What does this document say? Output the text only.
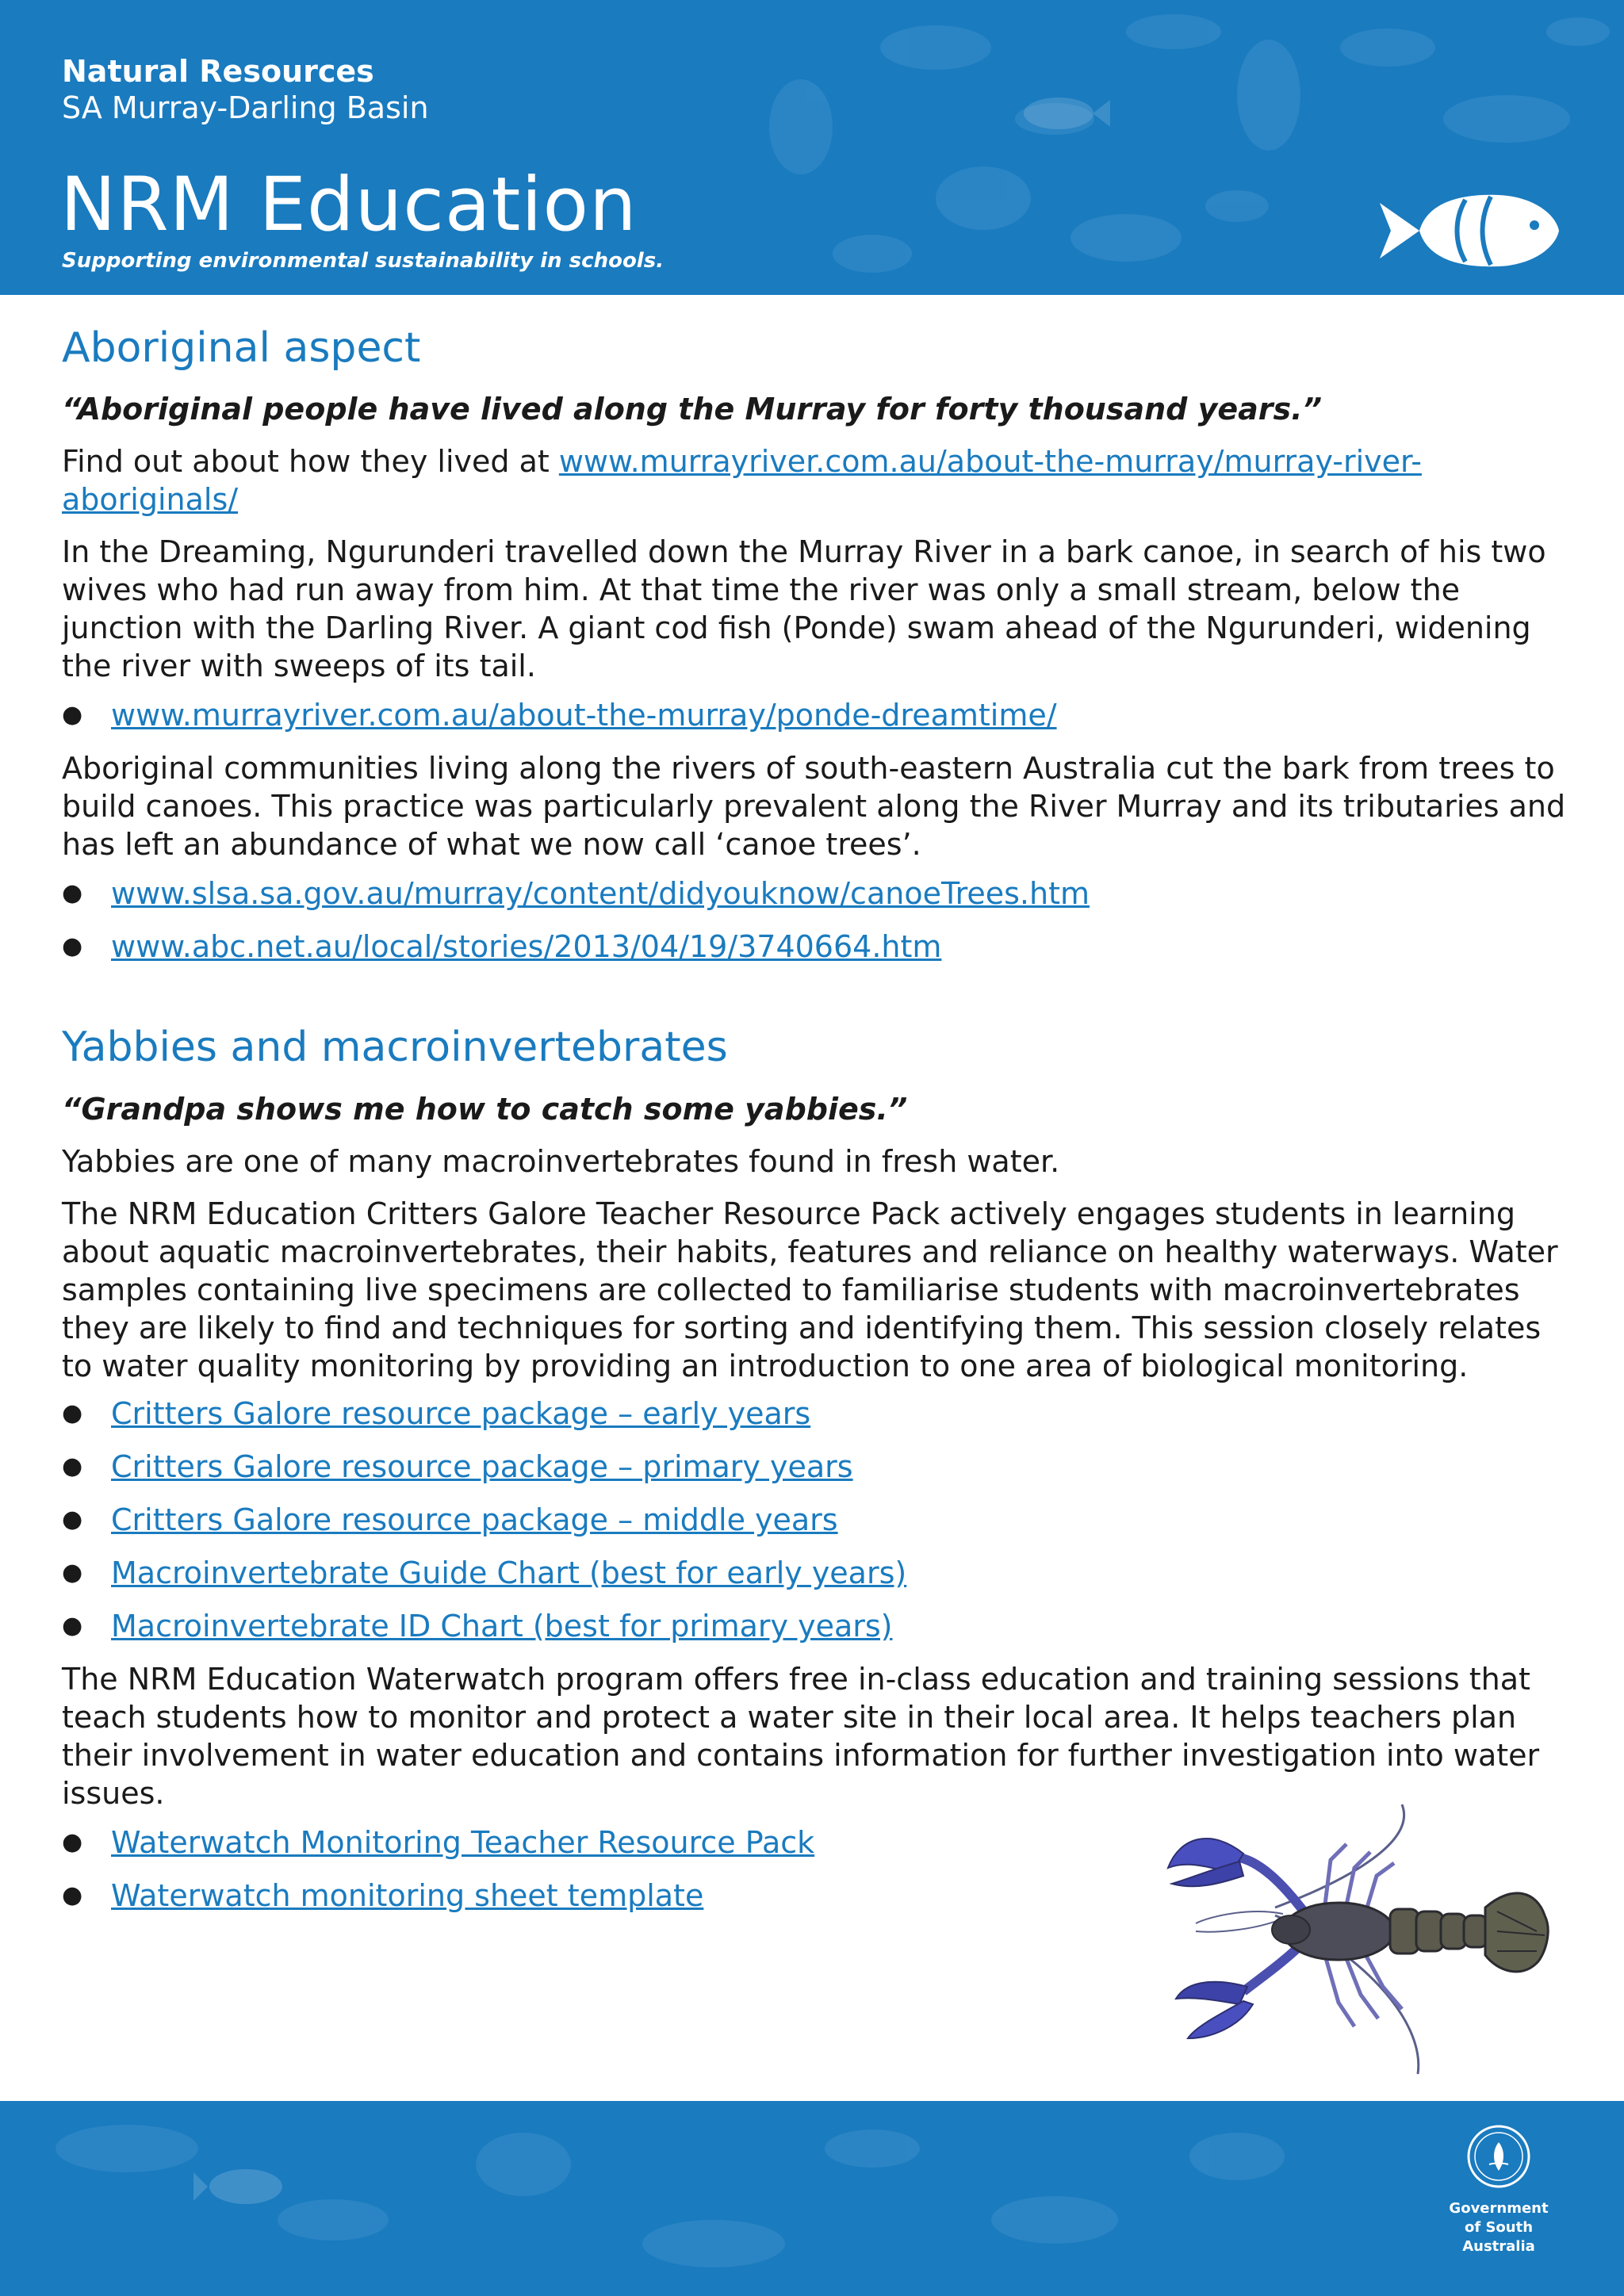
Natural Resources
SA Murray-Darling Basin
NRM Education
Supporting environmental sustainability in schools.
Aboriginal aspect

“Aboriginal people have lived along the Murray for forty thousand years.”

Find out about how they lived at www.murrayriver.com.au/about-the-murray/murray-river-aboriginals/

In the Dreaming, Ngurunderi travelled down the Murray River in a bark canoe, in search of his two wives who had run away from him. At that time the river was only a small stream, below the junction with the Darling River. A giant cod fish (Ponde) swam ahead of the Ngurunderi, widening the river with sweeps of its tail.

● www.murrayriver.com.au/about-the-murray/ponde-dreamtime/

Aboriginal communities living along the rivers of south-eastern Australia cut the bark from trees to build canoes. This practice was particularly prevalent along the River Murray and its tributaries and has left an abundance of what we now call ‘canoe trees’.

● www.slsa.sa.gov.au/murray/content/didyouknow/canoeTrees.htm
● www.abc.net.au/local/stories/2013/04/19/3740664.htm
Yabbies and macroinvertebrates

“Grandpa shows me how to catch some yabbies.”

Yabbies are one of many macroinvertebrates found in fresh water.

The NRM Education Critters Galore Teacher Resource Pack actively engages students in learning about aquatic macroinvertebrates, their habits, features and reliance on healthy waterways. Water samples containing live specimens are collected to familiarise students with macroinvertebrates they are likely to find and techniques for sorting and identifying them. This session closely relates to water quality monitoring by providing an introduction to one area of biological monitoring.

● Critters Galore resource package – early years
● Critters Galore resource package – primary years
● Critters Galore resource package – middle years
● Macroinvertebrate Guide Chart (best for early years)
● Macroinvertebrate ID Chart (best for primary years)

The NRM Education Waterwatch program offers free in-class education and training sessions that teach students how to monitor and protect a water site in their local area. It helps teachers plan their involvement in water education and contains information for further investigation into water issues.

● Waterwatch Monitoring Teacher Resource Pack
● Waterwatch monitoring sheet template
Government
of South Australia
